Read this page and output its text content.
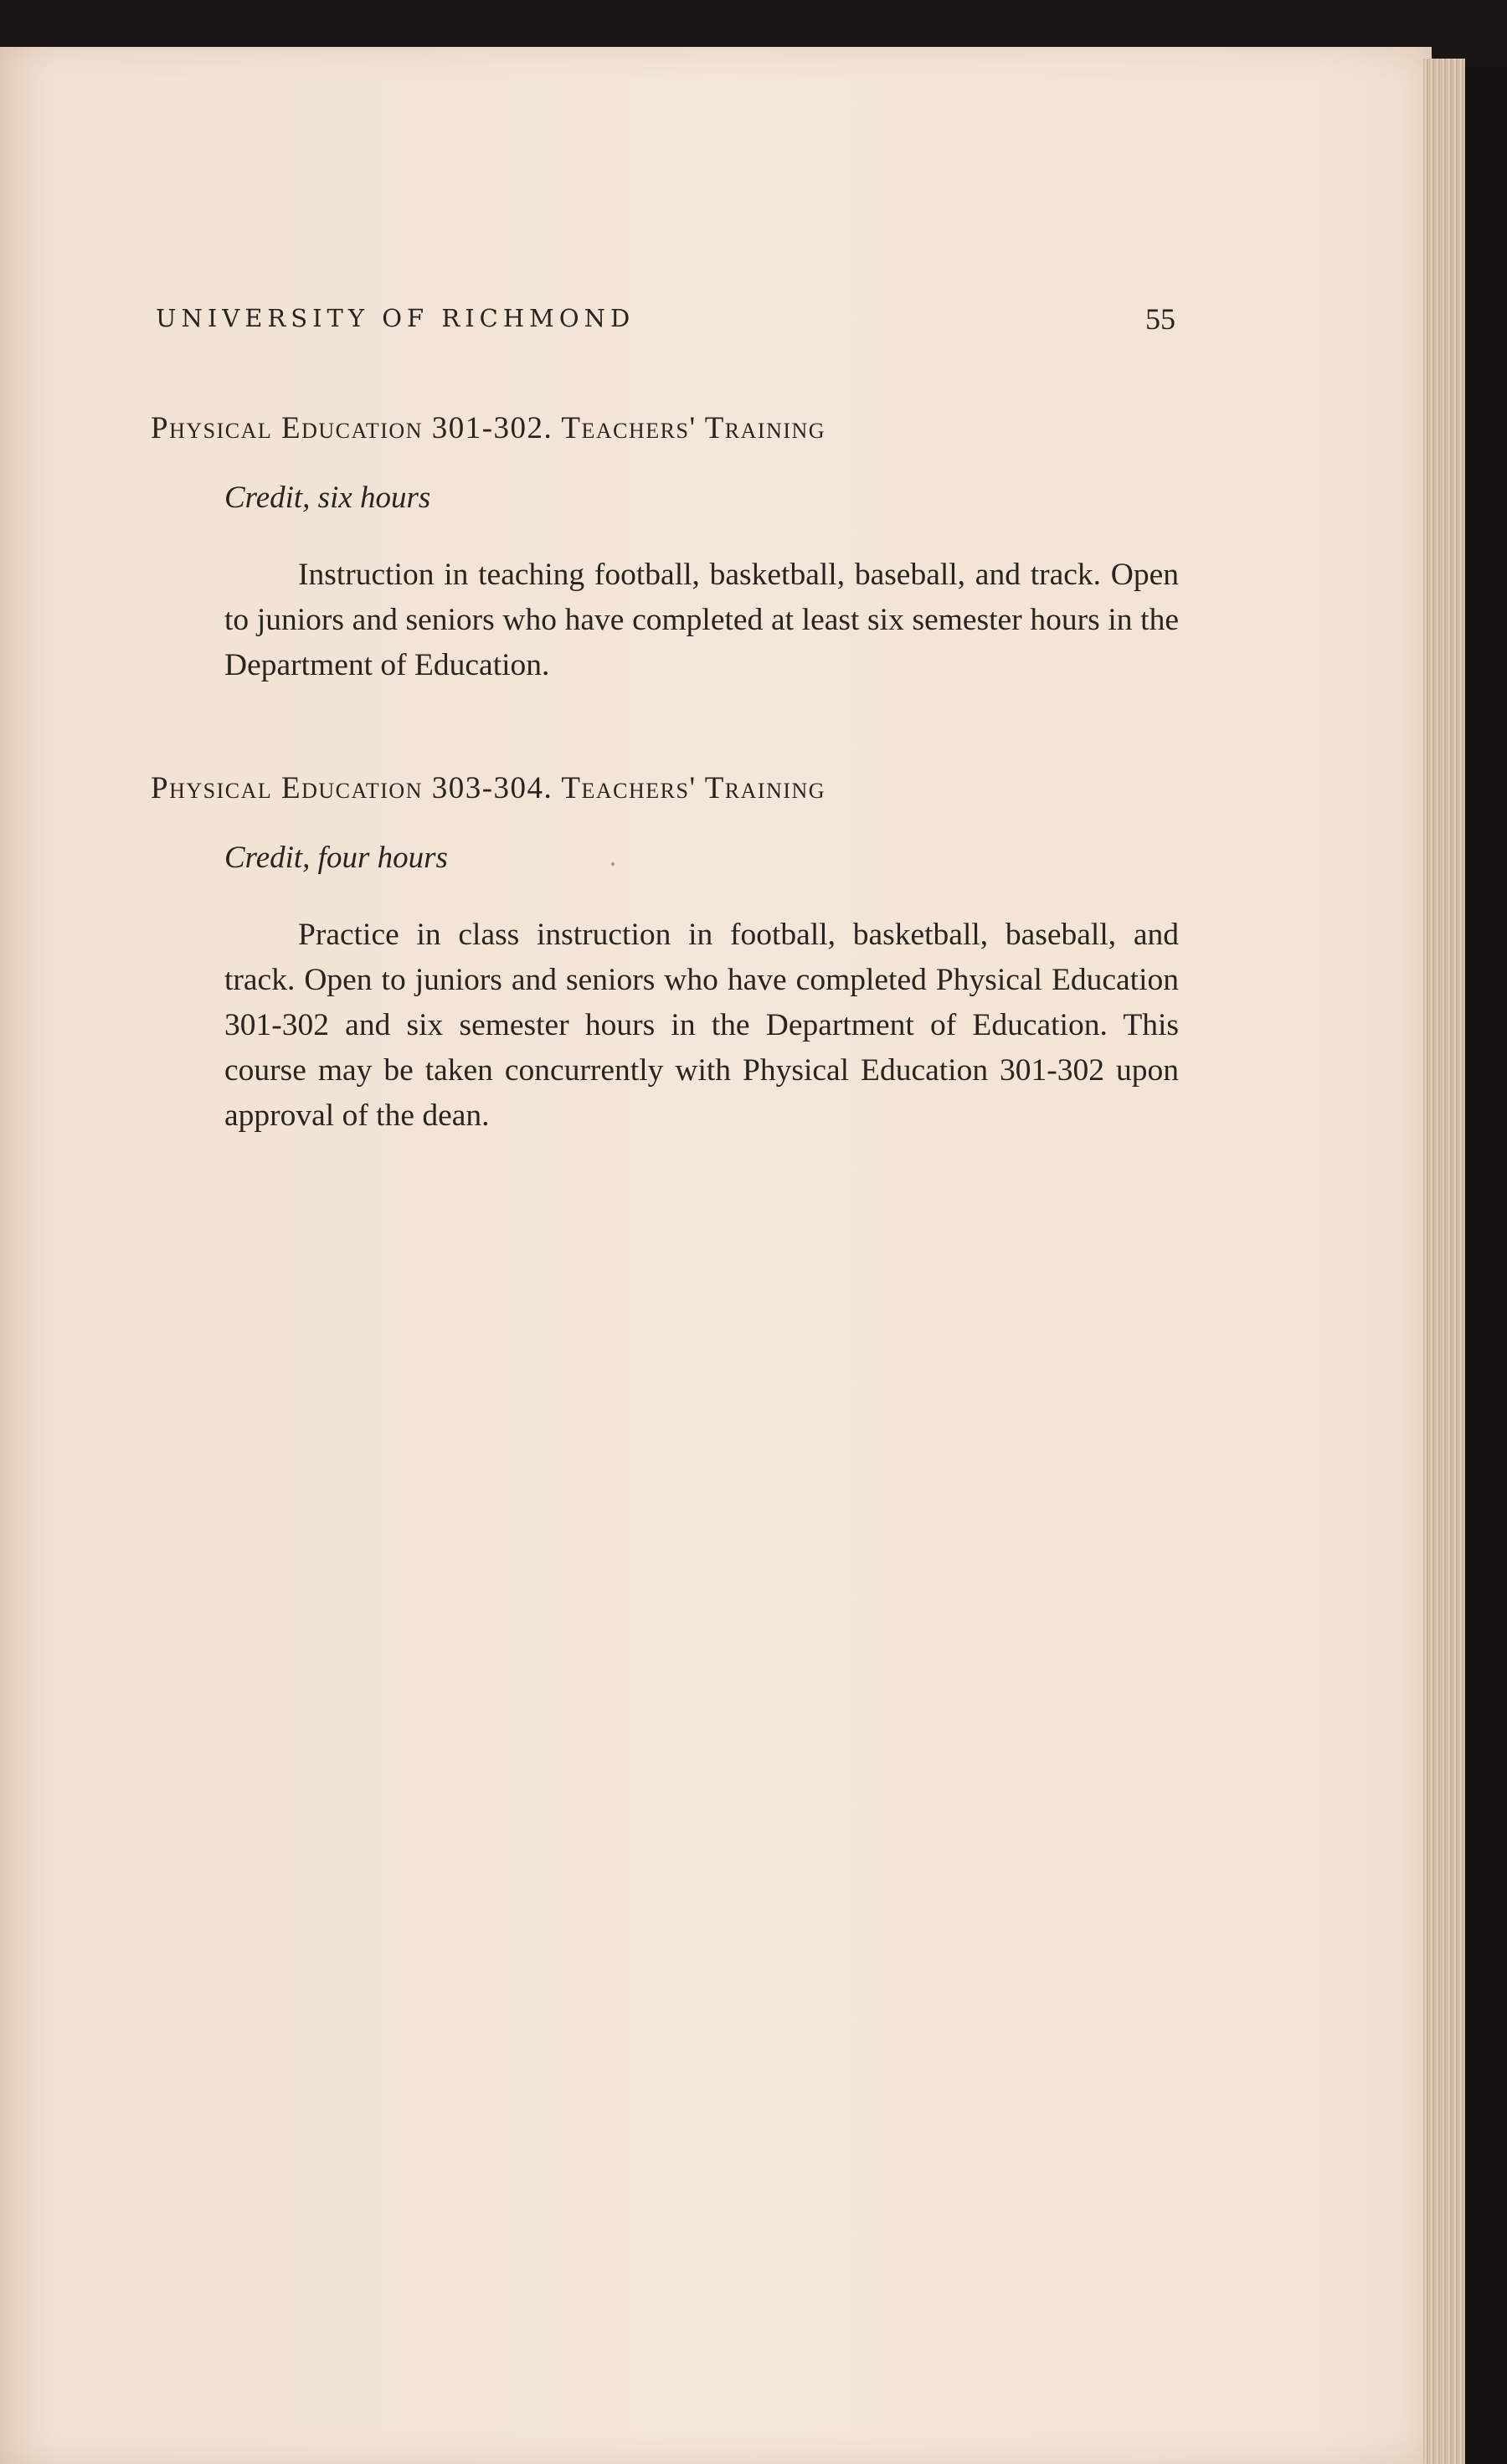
UNIVERSITY OF RICHMOND	55
Physical Education 301-302. Teachers' Training
Credit, six hours
Instruction in teaching football, basketball, baseball, and track. Open to juniors and seniors who have completed at least six semester hours in the Department of Education.
Physical Education 303-304. Teachers' Training
Credit, four hours
Practice in class instruction in football, basketball, baseball, and track. Open to juniors and seniors who have completed Physical Education 301-302 and six semester hours in the Department of Education. This course may be taken concurrently with Physical Education 301-302 upon approval of the dean.
